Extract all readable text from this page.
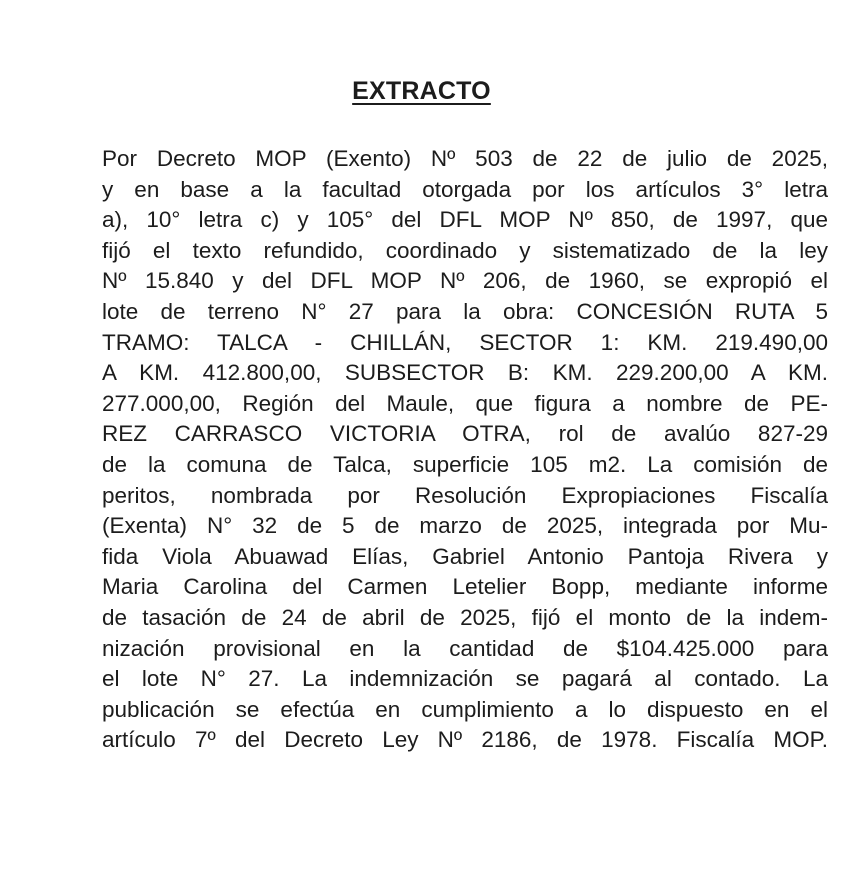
EXTRACTO
Por Decreto MOP (Exento) Nº 503 de 22 de julio de 2025,
y en base a la facultad otorgada por los artículos 3° letra
a), 10° letra c) y 105° del DFL MOP Nº 850, de 1997, que
fijó el texto refundido, coordinado y sistematizado de la ley
Nº 15.840 y del DFL MOP Nº 206, de 1960, se expropió el
lote de terreno N° 27 para la obra: CONCESIÓN RUTA 5
TRAMO: TALCA - CHILLÁN, SECTOR 1: KM. 219.490,00
A KM. 412.800,00, SUBSECTOR B: KM. 229.200,00 A KM.
277.000,00, Región del Maule, que figura a nombre de PE-
REZ CARRASCO VICTORIA OTRA, rol de avalúo 827-29
de la comuna de Talca, superficie 105 m2. La comisión de
peritos, nombrada por Resolución Expropiaciones Fiscalía
(Exenta) N° 32 de 5 de marzo de 2025, integrada por Mu-
fida Viola Abuawad Elías, Gabriel Antonio Pantoja Rivera y
Maria Carolina del Carmen Letelier Bopp, mediante informe
de tasación de 24 de abril de 2025, fijó el monto de la indem-
nización provisional en la cantidad de $104.425.000 para
el lote N° 27. La indemnización se pagará al contado. La
publicación se efectúa en cumplimiento a lo dispuesto en el
artículo 7º del Decreto Ley Nº 2186, de 1978. Fiscalía MOP.
